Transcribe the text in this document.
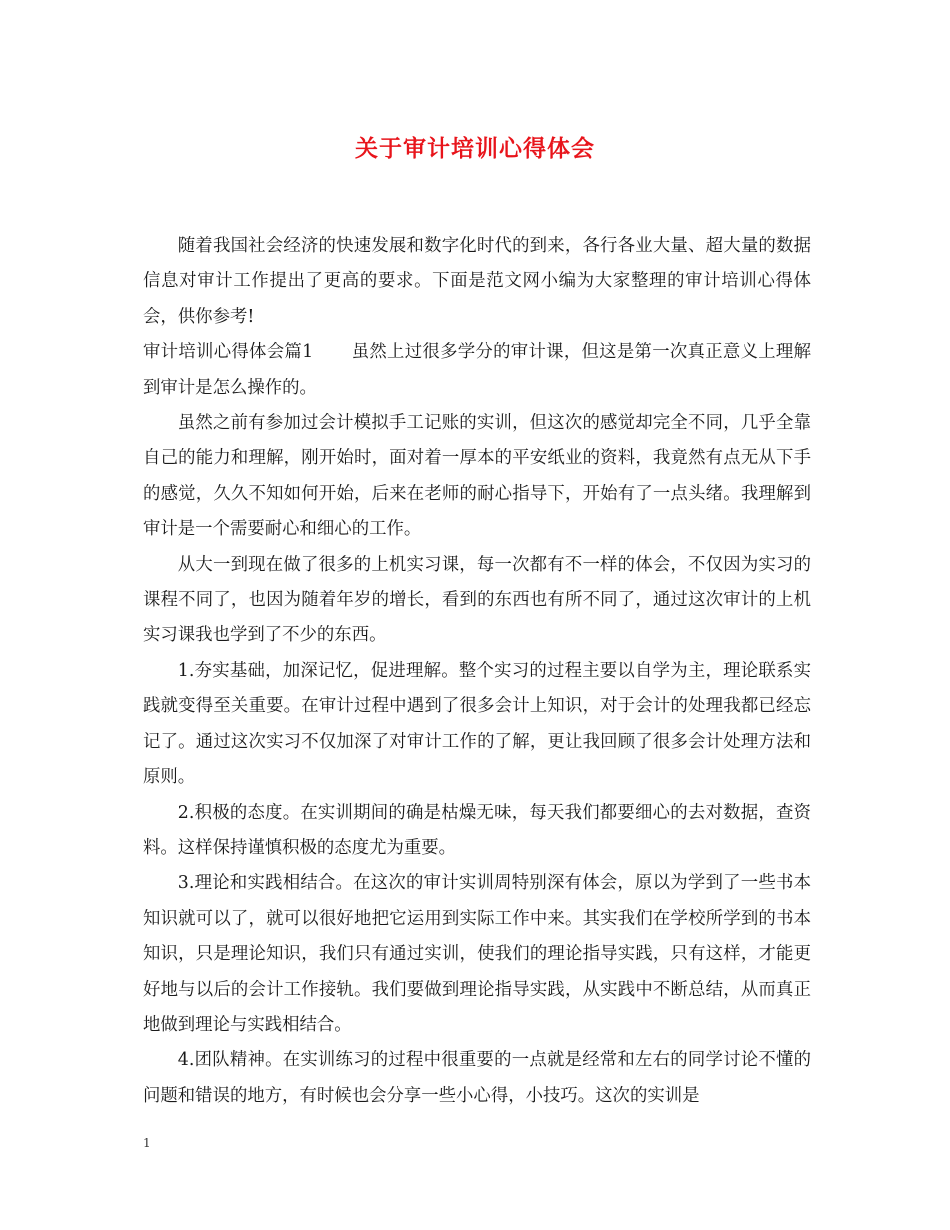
关于审计培训心得体会

随着我国社会经济的快速发展和数字化时代的到来，各行各业大量、超大量的数据信息对审计工作提出了更高的要求。下面是范文网小编为大家整理的审计培训心得体会，供你参考!

审计培训心得体会篇1 虽然上过很多学分的审计课，但这是第一次真正意义上理解到审计是怎么操作的。

虽然之前有参加过会计模拟手工记账的实训，但这次的感觉却完全不同，几乎全靠自己的能力和理解，刚开始时，面对着一厚本的平安纸业的资料，我竟然有点无从下手的感觉，久久不知如何开始，后来在老师的耐心指导下，开始有了一点头绪。我理解到审计是一个需要耐心和细心的工作。

从大一到现在做了很多的上机实习课，每一次都有不一样的体会，不仅因为实习的课程不同了，也因为随着年岁的增长，看到的东西也有所不同了，通过这次审计的上机实习课我也学到了不少的东西。

1.夯实基础，加深记忆，促进理解。整个实习的过程主要以自学为主，理论联系实践就变得至关重要。在审计过程中遇到了很多会计上知识，对于会计的处理我都已经忘记了。通过这次实习不仅加深了对审计工作的了解，更让我回顾了很多会计处理方法和原则。

2.积极的态度。在实训期间的确是枯燥无味，每天我们都要细心的去对数据，查资料。这样保持谨慎积极的态度尤为重要。

3.理论和实践相结合。在这次的审计实训周特别深有体会，原以为学到了一些书本知识就可以了，就可以很好地把它运用到实际工作中来。其实我们在学校所学到的书本知识，只是理论知识，我们只有通过实训，使我们的理论指导实践，只有这样，才能更好地与以后的会计工作接轨。我们要做到理论指导实践，从实践中不断总结，从而真正地做到理论与实践相结合。

4.团队精神。在实训练习的过程中很重要的一点就是经常和左右的同学讨论不懂的问题和错误的地方，有时候也会分享一些小心得，小技巧。这次的实训是

1
